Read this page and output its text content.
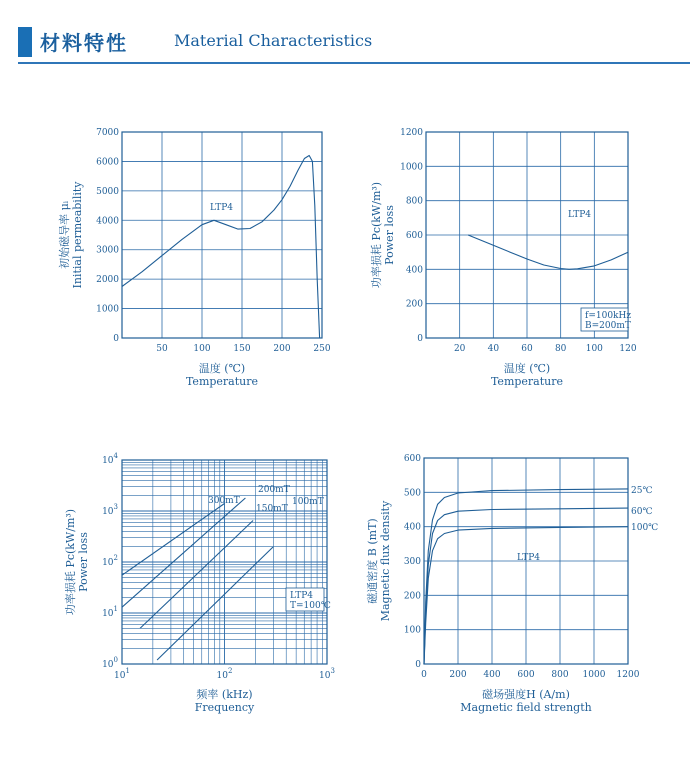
材料特性	Material Characteristics
50	100	150	200	250
0
1000
2000
3000
4000
5000
6000
7000
温度 (℃)
Temperature
初始磁导率 μᵢ Initial permeability	LTP4
20 40 60 80 100 120
0
200
400
600
800
1000
1200
温度 (℃)
Temperature
功率损耗 Pc(kW/m³) Power loss	LTP4
f=100kHz
B=200mT
$10^1$	$10^2$	$10^3$
$10^0$
$10^1$
$10^2$
$10^3$
$10^4$
频率 (kHz)
Frequency
功率损耗 Pc(kW/m³) Power loss
300mT
200mT
150mT
100mT
LTP4
T=100℃
0	200 400 600 800 1000 1200
0
100
200
300
400
500
600
磁场强度H (A/m)
Magnetic field strength
磁通密度 B (mT) Magnetic flux density
25℃
60℃
100℃
LTP4
